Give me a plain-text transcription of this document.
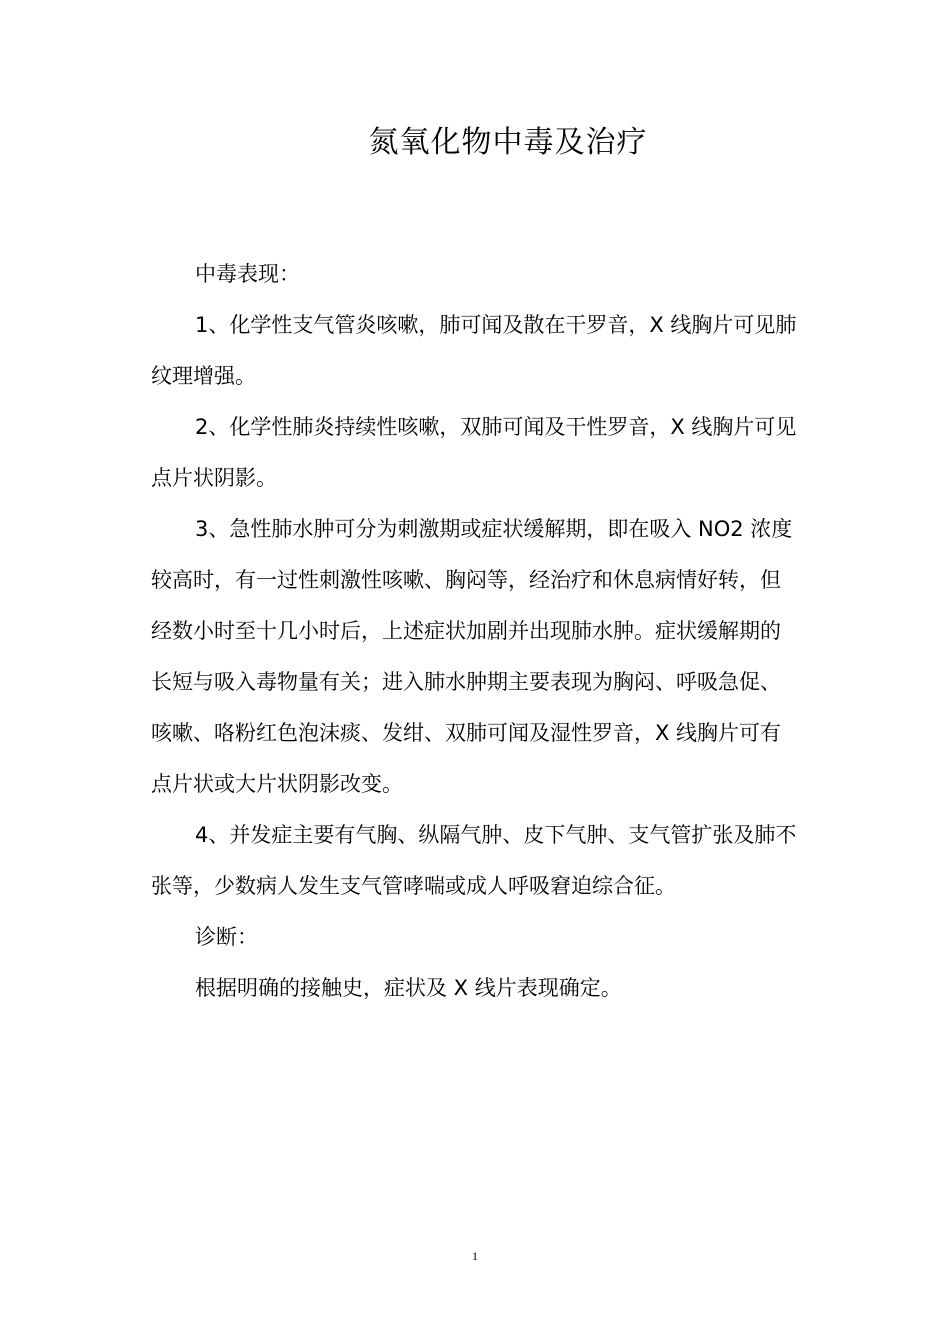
氮氧化物中毒及治疗

中毒表现：

1、化学性支气管炎咳嗽，肺可闻及散在干罗音，X 线胸片可见肺纹理增强。

2、化学性肺炎持续性咳嗽，双肺可闻及干性罗音，X 线胸片可见点片状阴影。

3、急性肺水肿可分为刺激期或症状缓解期，即在吸入 NO2 浓度较高时，有一过性刺激性咳嗽、胸闷等，经治疗和休息病情好转，但经数小时至十几小时后，上述症状加剧并出现肺水肿。症状缓解期的长短与吸入毒物量有关；进入肺水肿期主要表现为胸闷、呼吸急促、咳嗽、咯粉红色泡沫痰、发绀、双肺可闻及湿性罗音，X 线胸片可有点片状或大片状阴影改变。

4、并发症主要有气胸、纵隔气肿、皮下气肿、支气管扩张及肺不张等，少数病人发生支气管哮喘或成人呼吸窘迫综合征。

诊断：

根据明确的接触史，症状及 X 线片表现确定。

1
